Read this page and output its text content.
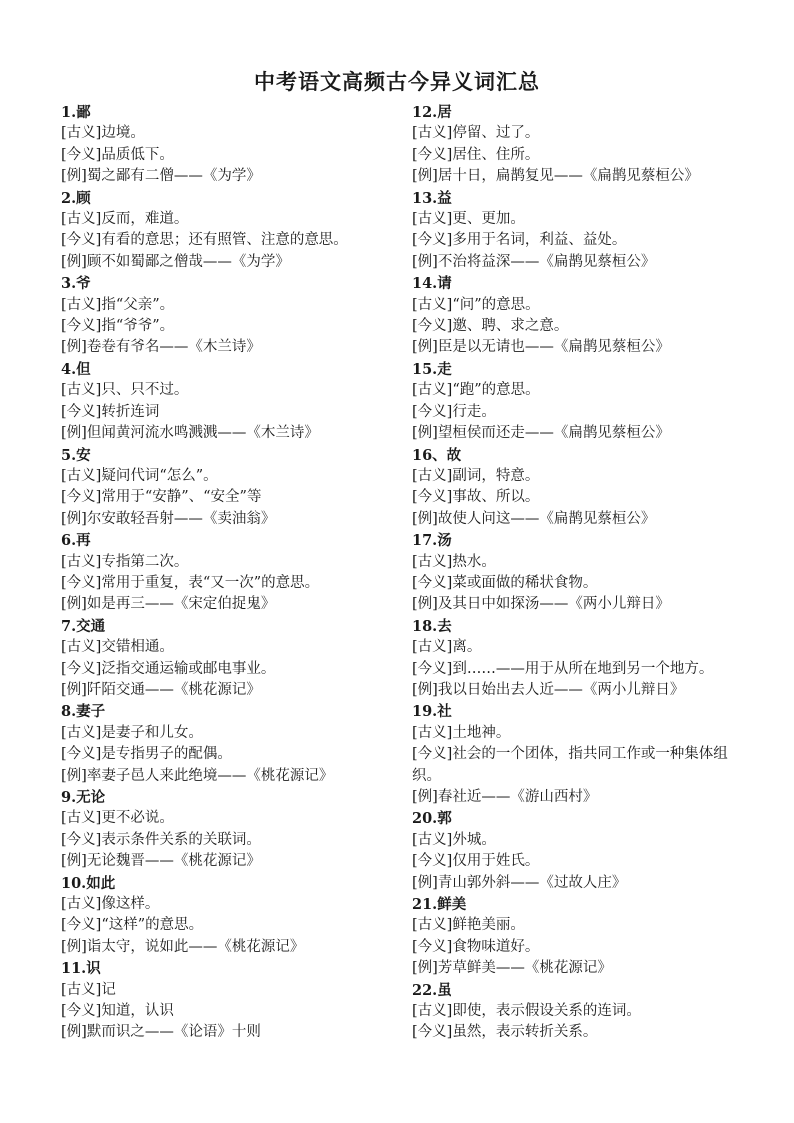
中考语文高频古今异义词汇总
1.鄙
[古义]边境。
[今义]品质低下。
[例]蜀之鄙有二僧——《为学》
2.顾
[古义]反而，难道。
[今义]有看的意思；还有照管、注意的意思。
[例]顾不如蜀鄙之僧哉——《为学》
3.爷
[古义]指“父亲”。
[今义]指“爷爷”。
[例]卷卷有爷名——《木兰诗》
4.但
[古义]只、只不过。
[今义]转折连词
[例]但闻黄河流水鸣溅溅——《木兰诗》
5.安
[古义]疑问代词“怎么”。
[今义]常用于“安静”、“安全”等
[例]尔安敢轻吾射——《卖油翁》
6.再
[古义]专指第二次。
[今义]常用于重复，表“又一次”的意思。
[例]如是再三——《宋定伯捉鬼》
7.交通
[古义]交错相通。
[今义]泛指交通运输或邮电事业。
[例]阡陌交通——《桃花源记》
8.妻子
[古义]是妻子和儿女。
[今义]是专指男子的配偶。
[例]率妻子邑人来此绝境——《桃花源记》
9.无论
[古义]更不必说。
[今义]表示条件关系的关联词。
[例]无论魏晋——《桃花源记》
10.如此
[古义]像这样。
[今义]“这样”的意思。
[例]诣太守，说如此——《桃花源记》
11.识
[古义]记
[今义]知道，认识
[例]默而识之——《论语》十则
12.居
[古义]停留、过了。
[今义]居住、住所。
[例]居十日，扁鹊复见——《扁鹊见蔡桓公》
13.益
[古义]更、更加。
[今义]多用于名词，利益、益处。
[例]不治将益深——《扁鹊见蔡桓公》
14.请
[古义]“问”的意思。
[今义]邀、聘、求之意。
[例]臣是以无请也——《扁鹊见蔡桓公》
15.走
[古义]“跑”的意思。
[今义]行走。
[例]望桓侯而还走——《扁鹊见蔡桓公》
16、故
[古义]副词，特意。
[今义]事故、所以。
[例]故使人问这——《扁鹊见蔡桓公》
17.汤
[古义]热水。
[今义]菜或面做的稀状食物。
[例]及其日中如探汤——《两小儿辩日》
18.去
[古义]离。
[今义]到……——用于从所在地到另一个地方。
[例]我以日始出去人近——《两小儿辩日》
19.社
[古义]土地神。
[今义]社会的一个团体，指共同工作或一种集体组织。
[例]春社近——《游山西村》
20.郭
[古义]外城。
[今义]仅用于姓氏。
[例]青山郭外斜——《过故人庄》
21.鲜美
[古义]鲜艳美丽。
[今义]食物味道好。
[例]芳草鲜美——《桃花源记》
22.虽
[古义]即使，表示假设关系的连词。
[今义]虽然，表示转折关系。
